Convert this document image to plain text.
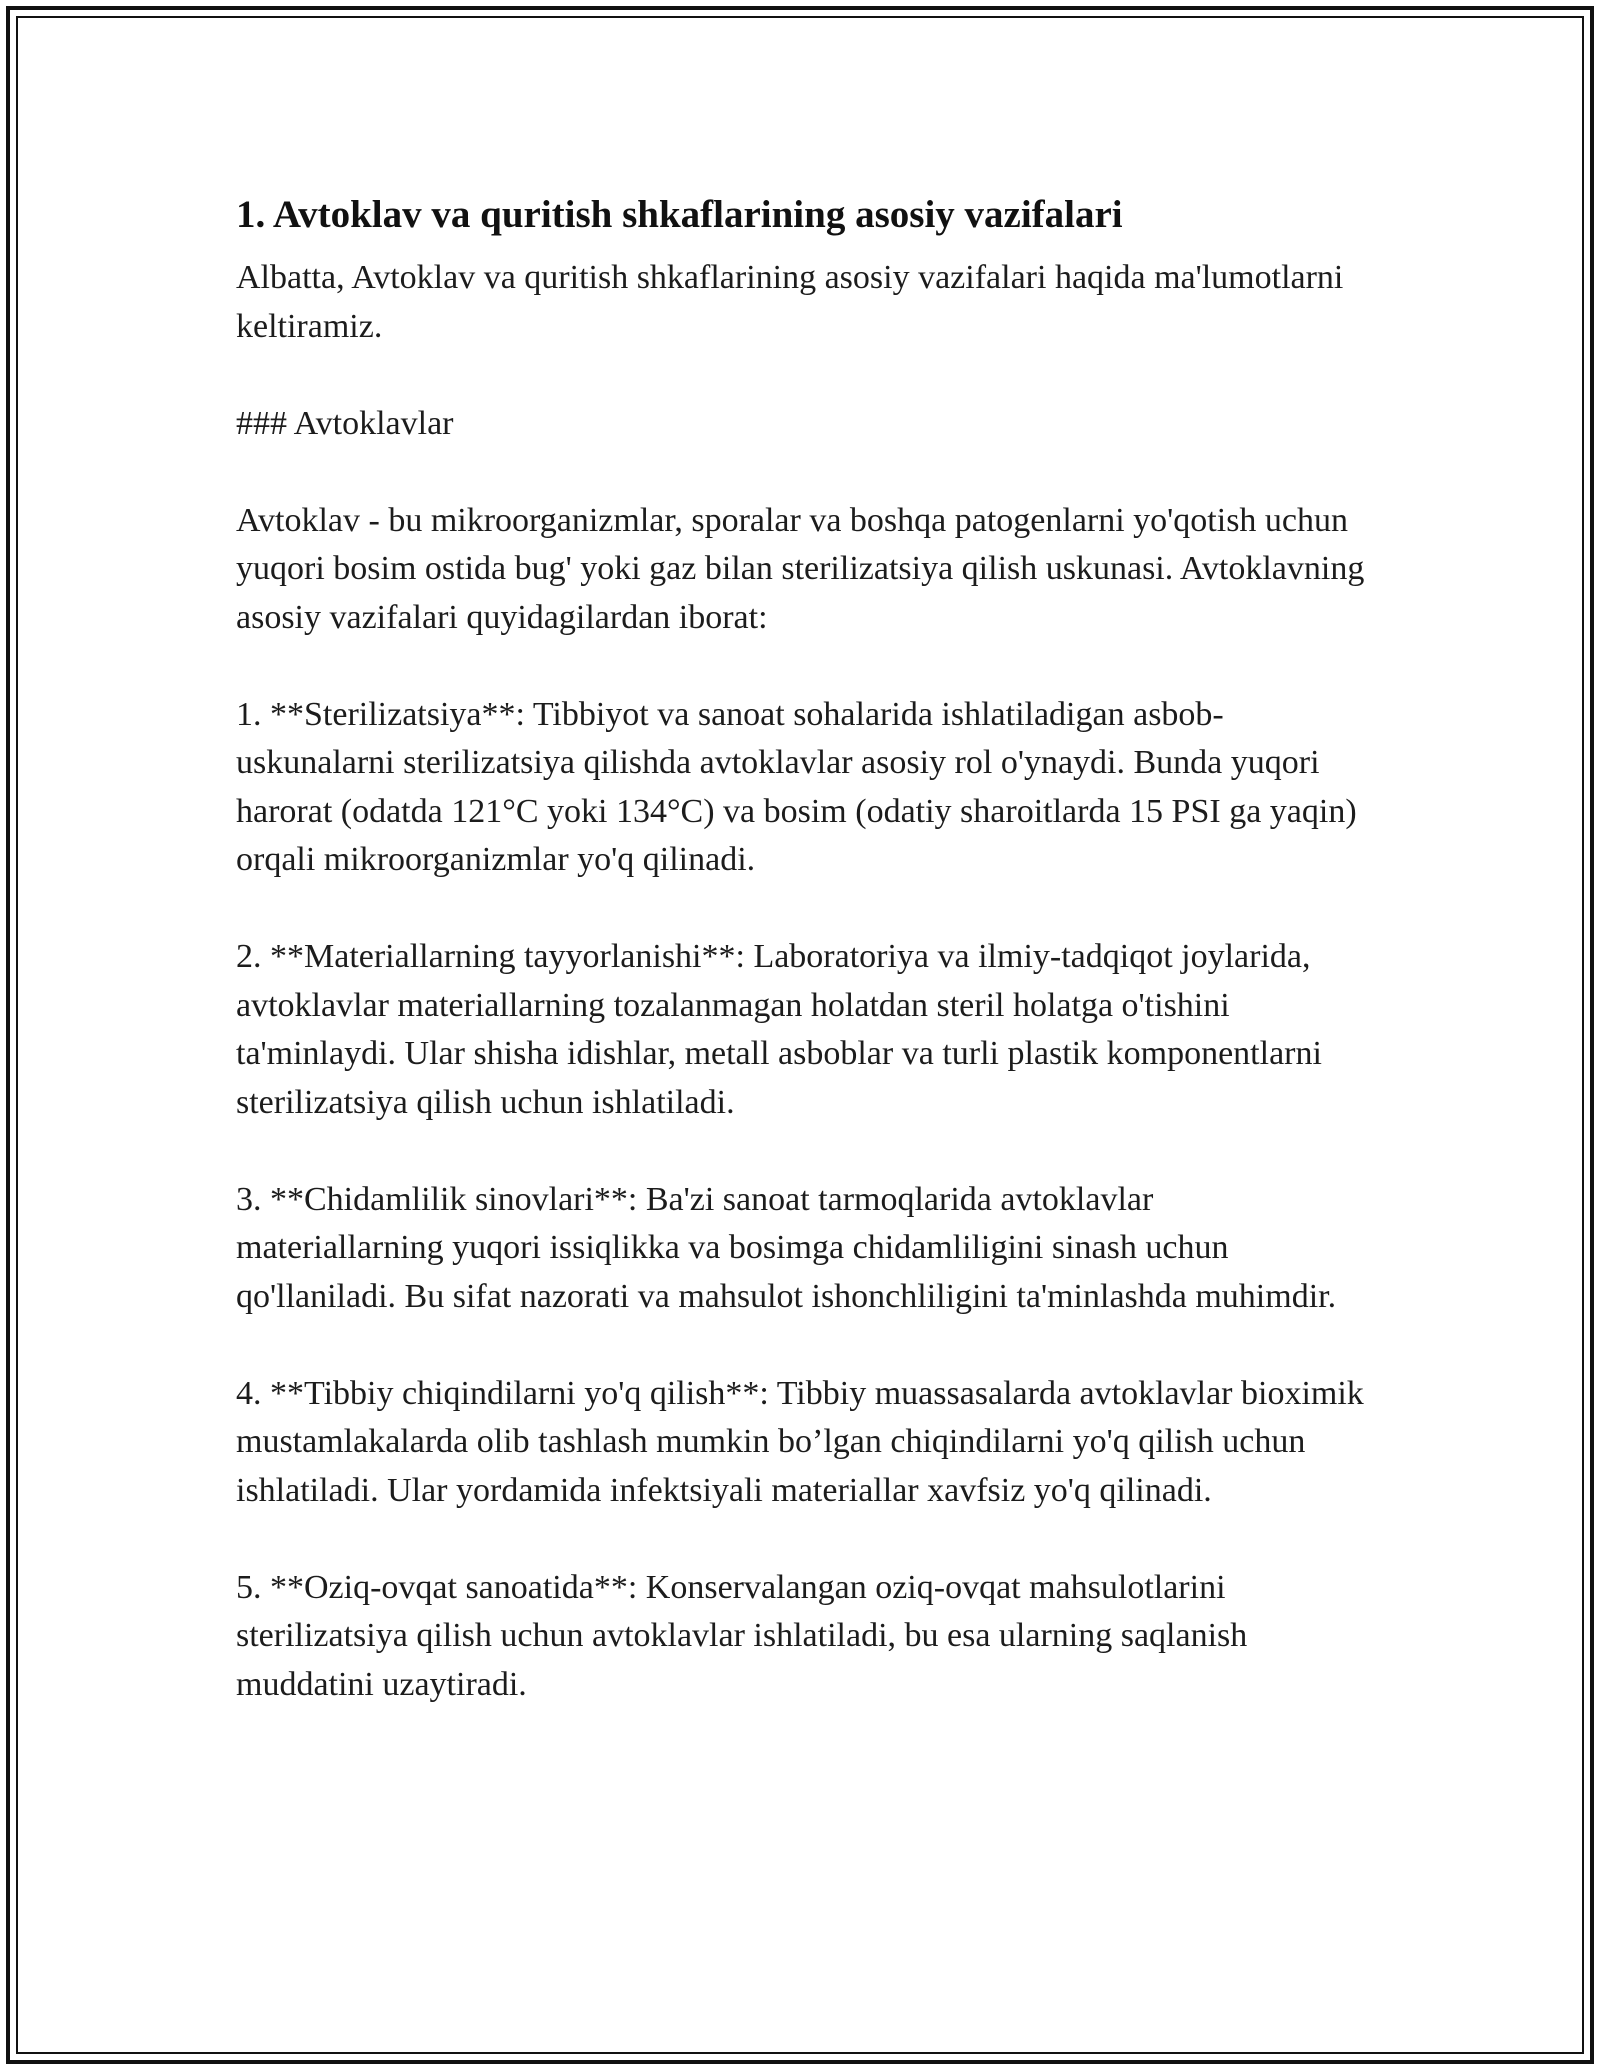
1. Avtoklav va quritish shkaflarining asosiy vazifalari

Albatta, Avtoklav va quritish shkaflarining asosiy vazifalari haqida ma'lumotlarni keltiramiz.

### Avtoklavlar

Avtoklav - bu mikroorganizmlar, sporalar va boshqa patogenlarni yo'qotish uchun yuqori bosim ostida bug' yoki gaz bilan sterilizatsiya qilish uskunasi. Avtoklavning asosiy vazifalari quyidagilardan iborat:

1. **Sterilizatsiya**: Tibbiyot va sanoat sohalarida ishlatiladigan asbob-uskunalarni sterilizatsiya qilishda avtoklavlar asosiy rol o'ynaydi. Bunda yuqori harorat (odatda 121°C yoki 134°C) va bosim (odatiy sharoitlarda 15 PSI ga yaqin) orqali mikroorganizmlar yo'q qilinadi.

2. **Materiallarning tayyorlanishi**: Laboratoriya va ilmiy-tadqiqot joylarida, avtoklavlar materiallarning tozalanmagan holatdan steril holatga o'tishini ta'minlaydi. Ular shisha idishlar, metall asboblar va turli plastik komponentlarni sterilizatsiya qilish uchun ishlatiladi.

3. **Chidamlilik sinovlari**: Ba'zi sanoat tarmoqlarida avtoklavlar materiallarning yuqori issiqlikka va bosimga chidamliligini sinash uchun qo'llaniladi. Bu sifat nazorati va mahsulot ishonchliligini ta'minlashda muhimdir.

4. **Tibbiy chiqindilarni yo'q qilish**: Tibbiy muassasalarda avtoklavlar bioximik mustamlakalarda olib tashlash mumkin bo’lgan chiqindilarni yo'q qilish uchun ishlatiladi. Ular yordamida infektsiyali materiallar xavfsiz yo'q qilinadi.

5. **Oziq-ovqat sanoatida**: Konservalangan oziq-ovqat mahsulotlarini sterilizatsiya qilish uchun avtoklavlar ishlatiladi, bu esa ularning saqlanish muddatini uzaytiradi.
